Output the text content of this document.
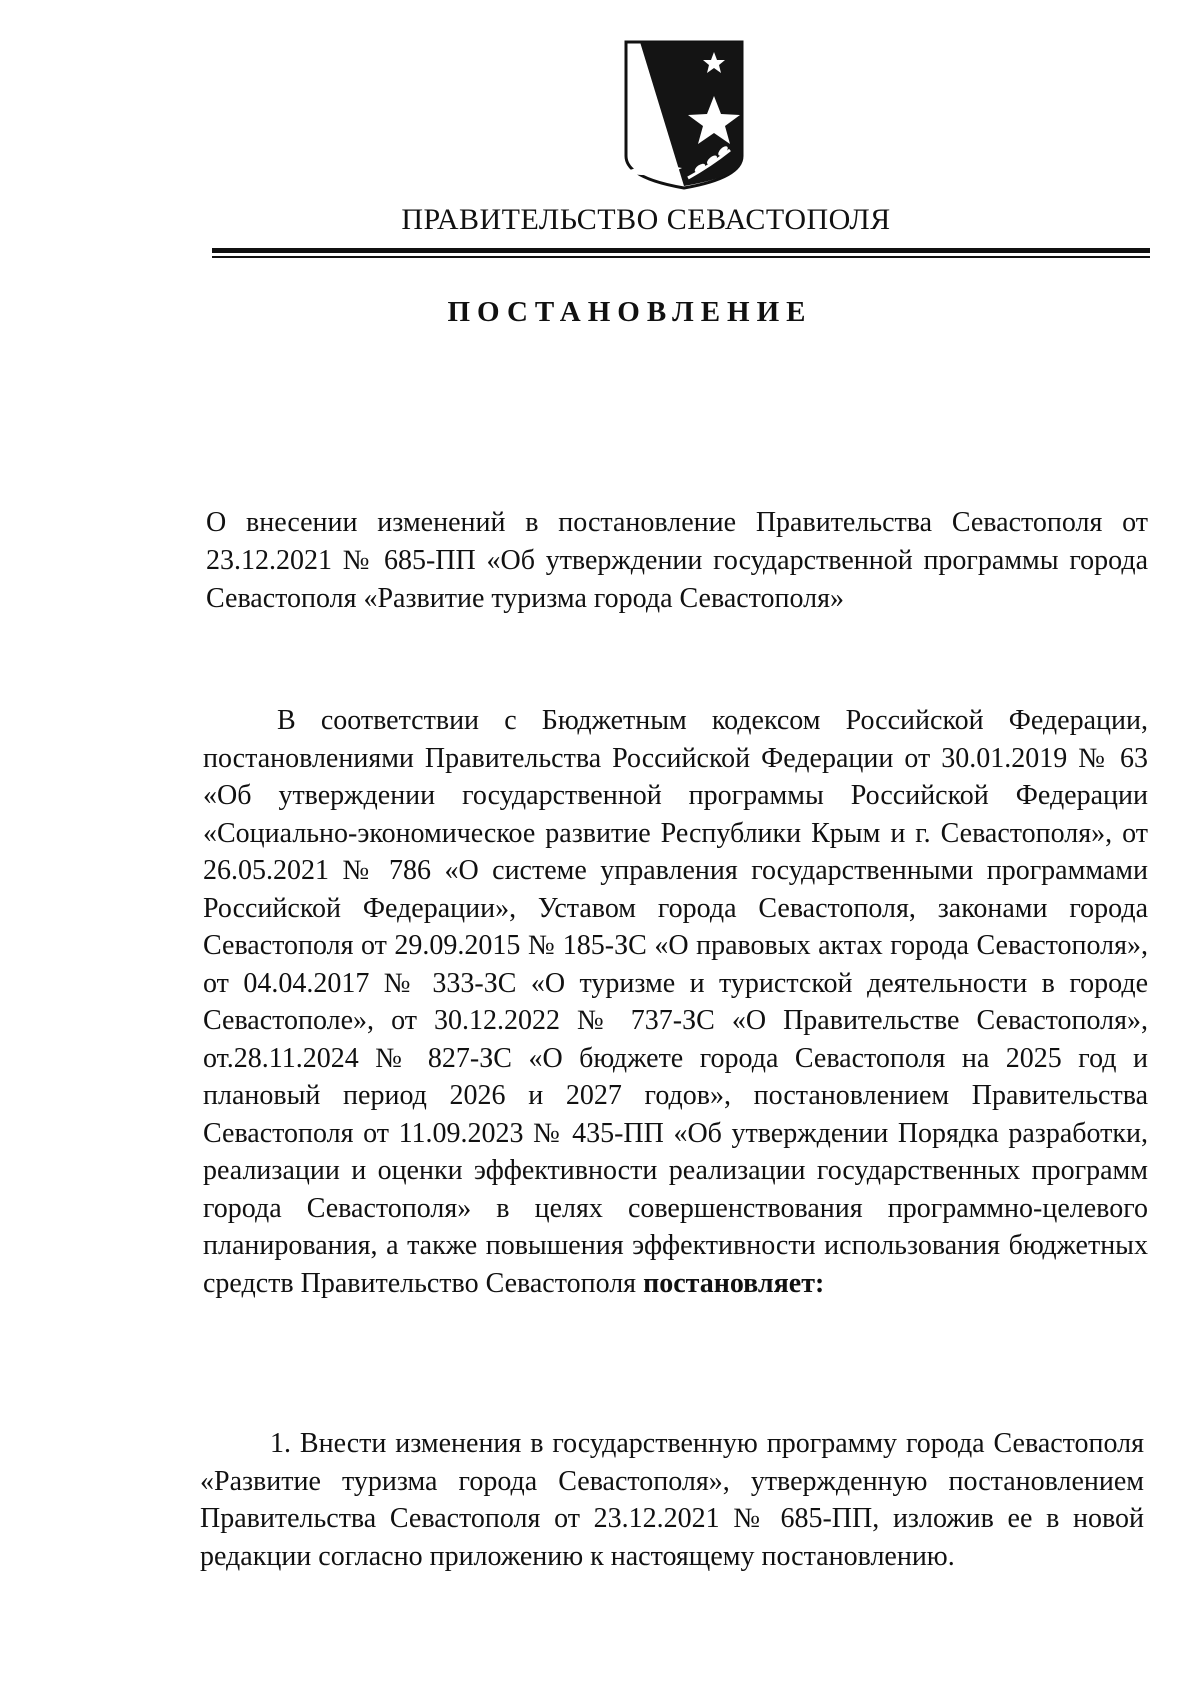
ПРАВИТЕЛЬСТВО СЕВАСТОПОЛЯ
ПОСТАНОВЛЕНИЕ
О внесении изменений в постановление Правительства Севастополя от 23.12.2021 № 685-ПП «Об утверждении государственной программы города Севастополя «Развитие туризма города Севастополя»
В соответствии с Бюджетным кодексом Российской Федерации, постановлениями Правительства Российской Федерации от 30.01.2019 № 63 «Об утверждении государственной программы Российской Федерации «Социально-экономическое развитие Республики Крым и г. Севастополя», от 26.05.2021 № 786 «О системе управления государственными программами Российской Федерации», Уставом города Севастополя, законами города Севастополя от 29.09.2015 № 185-ЗС «О правовых актах города Севастополя», от 04.04.2017 № 333-ЗС «О туризме и туристской деятельности в городе Севастополе», от 30.12.2022 № 737-ЗС «О Правительстве Севастополя», от.28.11.2024 № 827-ЗС «О бюджете города Севастополя на 2025 год и плановый период 2026 и 2027 годов», постановлением Правительства Севастополя от 11.09.2023 № 435-ПП «Об утверждении Порядка разработки, реализации и оценки эффективности реализации государственных программ города Севастополя» в целях совершенствования программно-целевого планирования, а также повышения эффективности использования бюджетных средств Правительство Севастополя постановляет:
1. Внести изменения в государственную программу города Севастополя «Развитие туризма города Севастополя», утвержденную постановлением Правительства Севастополя от 23.12.2021 № 685-ПП, изложив ее в новой редакции согласно приложению к настоящему постановлению.
